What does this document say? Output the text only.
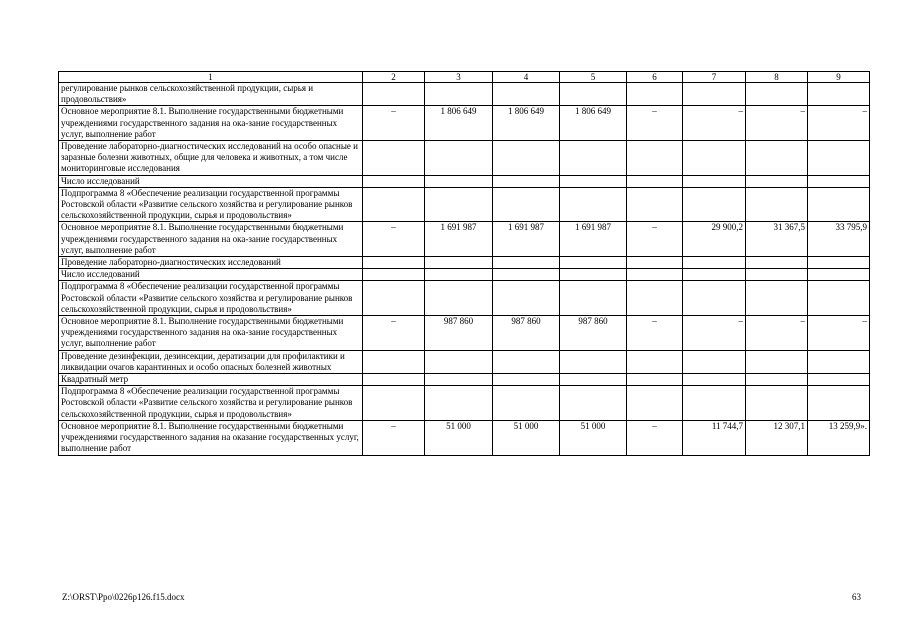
1	2	3	4	5	6	7	8	9
регулирование рынков сельскохозяйственной продукции, сырья и продовольствия»								
Основное мероприятие 8.1. Выполнение государственными бюджетными учреждениями государственного задания на ока-зание государственных услуг, выполнение работ	–	1 806 649	1 806 649	1 806 649	–	–	–	–
Проведение лабораторно-диагностических исследований на особо опасные и заразные болезни животных, общие для человека и животных, а том числе мониторинговые исследования								
Число исследований								
Подпрограмма 8 «Обеспечение реализации государственной программы Ростовской области «Развитие сельского хозяйства и регулирование рынков сельскохозяйственной продукции, сырья и продовольствия»								
Основное мероприятие 8.1. Выполнение государственными бюджетными учреждениями государственного задания на ока-зание государственных услуг, выполнение работ	–	1 691 987	1 691 987	1 691 987	–	29 900,2	31 367,5	33 795,9
Проведение лабораторно-диагностических исследований								
Число исследований								
Подпрограмма 8 «Обеспечение реализации государственной программы Ростовской области «Развитие сельского хозяйства и регулирование рынков сельскохозяйственной продукции, сырья и продовольствия»								
Основное мероприятие 8.1. Выполнение государственными бюджетными учреждениями государственного задания на ока-зание государственных услуг, выполнение работ	–	987 860	987 860	987 860	–	–	–	–
Проведение дезинфекции, дезинсекции, дератизации для профилактики и ликвидации очагов карантинных и особо опасных болезней животных								
Квадратный метр								
Подпрограмма 8 «Обеспечение реализации государственной программы Ростовской области «Развитие сельского хозяйства и регулирование рынков сельскохозяйственной продукции, сырья и продовольствия»								
Основное мероприятие 8.1. Выполнение государственными бюджетными учреждениями государственного задания на оказание государственных услуг, выполнение работ	–	51 000	51 000	51 000	–	11 744,7	12 307,1	13 259,9».
Z:\ORST\Ppo\0226p126.f15.docx	63
